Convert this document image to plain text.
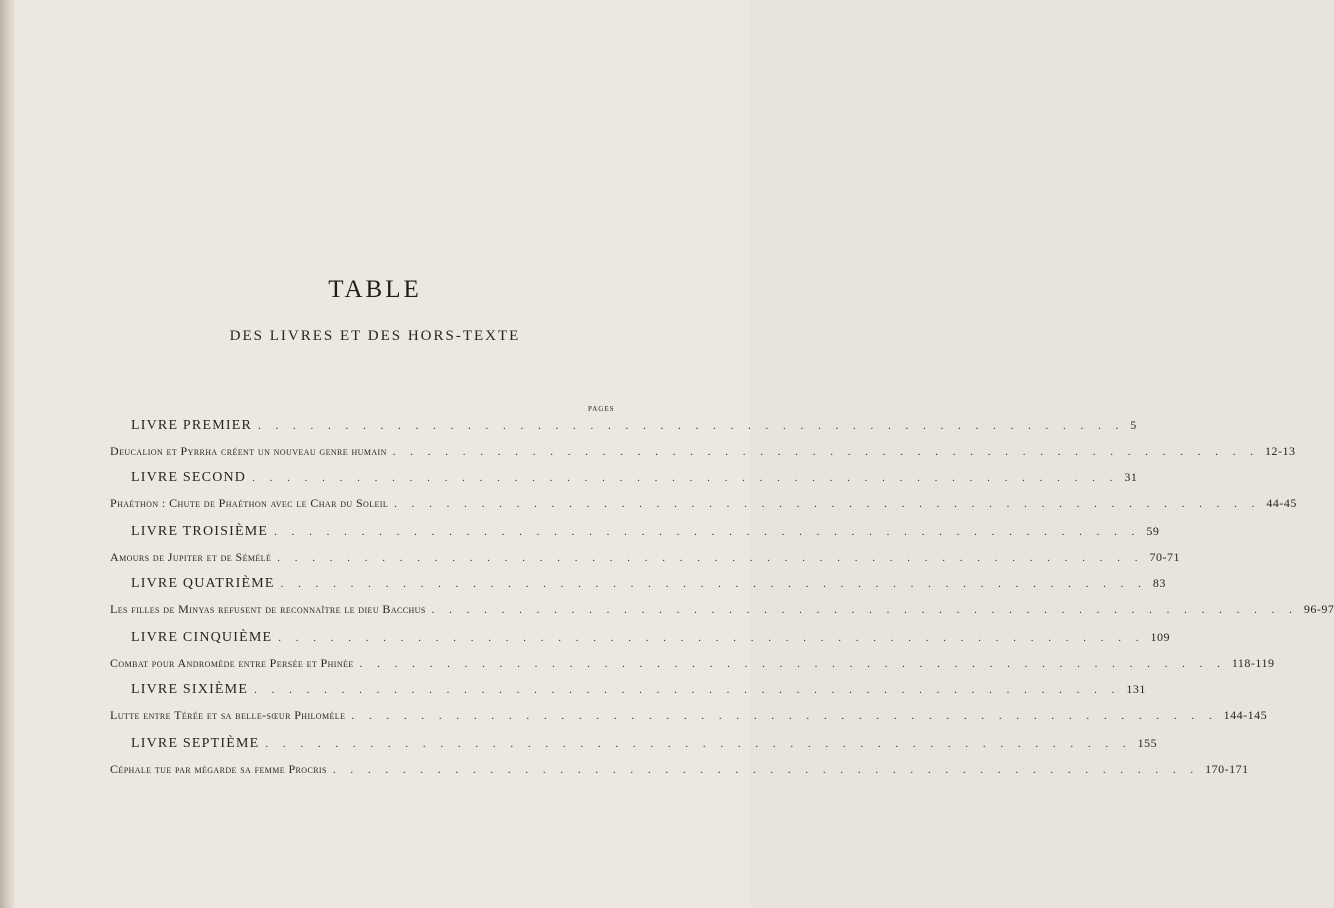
TABLE
DES LIVRES ET DES HORS-TEXTE
PAGES
LIVRE PREMIER . . . . . . . . . . . . . . . . . . . . . . . . . . . . . . . . . . . . . . . . . . . . . . . . . . 5
Deucalion et Pyrrha créent un nouveau genre humain . . . . . . . . . . . . . . . . . . . . . . . . . . . . . . . . . . . . . . . . . . . . . . . . . . 12-13
LIVRE SECOND . . . . . . . . . . . . . . . . . . . . . . . . . . . . . . . . . . . . . . . . . . . . . . . . . . 31
Phaéthon : Chute de Phaéthon avec le Char du Soleil . . . . . . . . . . . . . . . . . . . . . . . . . . . . . . . . . . . . . . . . . . . . . . . . . . 44-45
LIVRE TROISIÈME . . . . . . . . . . . . . . . . . . . . . . . . . . . . . . . . . . . . . . . . . . . . . . . . . . 59
Amours de Jupiter et de Sémélé . . . . . . . . . . . . . . . . . . . . . . . . . . . . . . . . . . . . . . . . . . . . . . . . . . 70-71
LIVRE QUATRIÈME . . . . . . . . . . . . . . . . . . . . . . . . . . . . . . . . . . . . . . . . . . . . . . . . . . 83
Les filles de Minyas refusent de reconnaître le dieu Bacchus . . . . . . . . . . . . . . . . . . . . . . . . . . . . . . . . . . . . . . . . . . . . . . . . . . 96-97
LIVRE CINQUIÈME . . . . . . . . . . . . . . . . . . . . . . . . . . . . . . . . . . . . . . . . . . . . . . . . . . 109
Combat pour Andromède entre Persée et Phinée . . . . . . . . . . . . . . . . . . . . . . . . . . . . . . . . . . . . . . . . . . . . . . . . . . 118-119
LIVRE SIXIÈME . . . . . . . . . . . . . . . . . . . . . . . . . . . . . . . . . . . . . . . . . . . . . . . . . . 131
Lutte entre Térée et sa belle-sœur Philomèle . . . . . . . . . . . . . . . . . . . . . . . . . . . . . . . . . . . . . . . . . . . . . . . . . . 144-145
LIVRE SEPTIÈME . . . . . . . . . . . . . . . . . . . . . . . . . . . . . . . . . . . . . . . . . . . . . . . . . . 155
Céphale tue par mégarde sa femme Procris . . . . . . . . . . . . . . . . . . . . . . . . . . . . . . . . . . . . . . . . . . . . . . . . . . 170-171
